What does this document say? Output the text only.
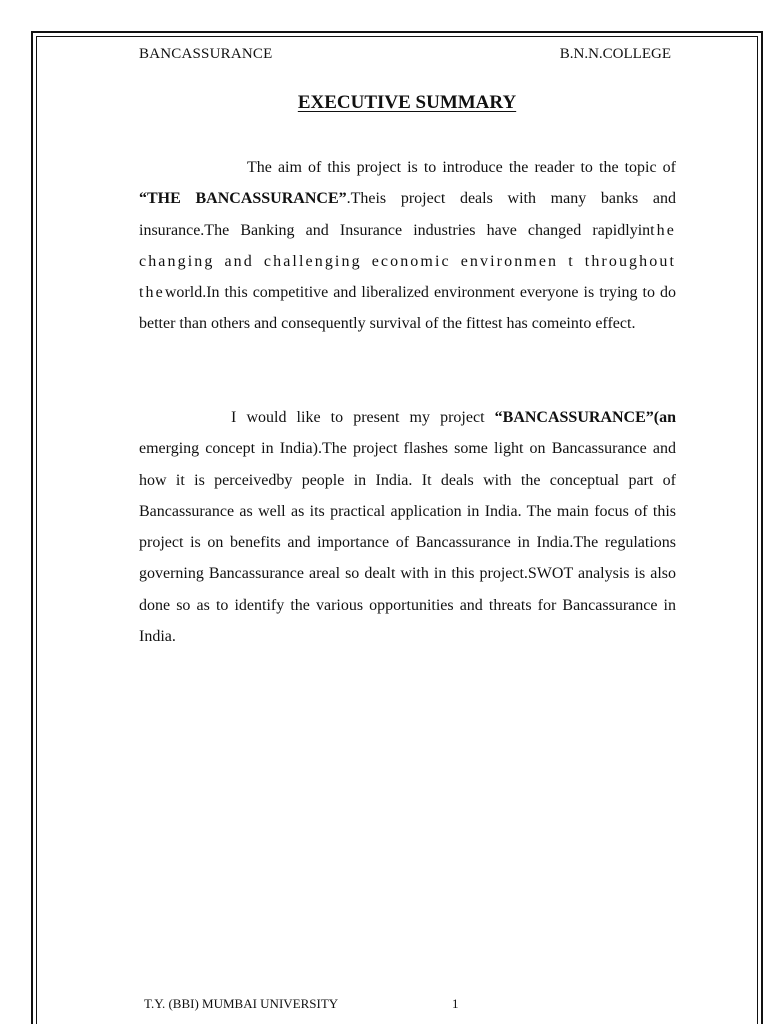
BANCASSURANCE	B.N.N.COLLEGE
EXECUTIVE SUMMARY

The aim of this project is to introduce the reader to the topic of “THE BANCASSURANCE”.Theis project deals with many banks and insurance.The Banking and Insurance industries have changed rapidlyinthe changing and challenging economic environmen t throughout theworld.In this competitive and liberalized environment everyone is trying to do better than others and consequently survival of the fittest has comeinto effect.

I would like to present my project “BANCASSURANCE”(an emerging concept in India).The project flashes some light on Bancassurance and how it is perceivedby people in India. It deals with the conceptual part of Bancassurance as well as its practical application in India. The main focus of this project is on benefits and importance of Bancassurance in India.The regulations governing Bancassurance areal so dealt with in this project.SWOT analysis is also done so as to identify the various opportunities and threats for Bancassurance in India.

T.Y. (BBI) MUMBAI UNIVERSITY	1
